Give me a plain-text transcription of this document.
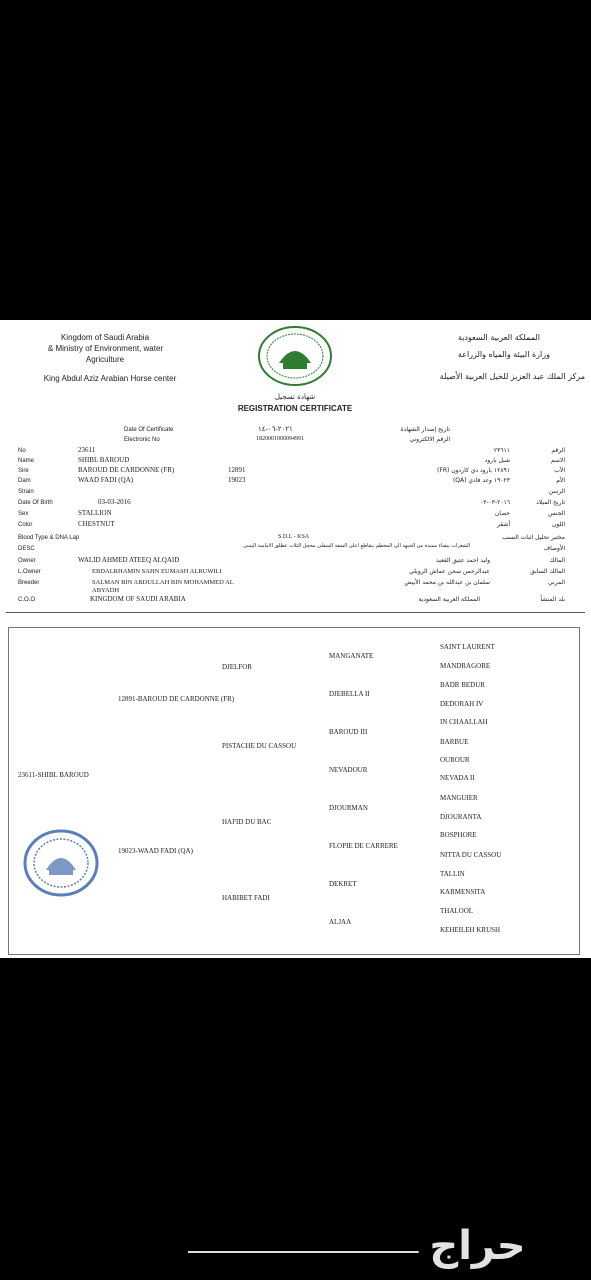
Kingdom of Saudi Arabia
& Ministry of Environment, water
Agriculture
King Abdul Aziz Arabian Horse center
المملكة العربية السعودية
وزارة البيئة والمياه والزراعة
مركز الملك عبد العزيز للخيل العربية الأصيلة
شهادة تسجيل
REGISTRATION CERTIFICATE
Date Of Certificate	٢٠٢١-٠٦-١٤	تاريخ إصدار الشهادة
Electronic No	1820001000094991	الرقم الالكتروني
No	23611	٢٣٦١١	الرقم
Name	SHIBL BAROUD	شبل بارود	الاسم
Sire	BAROUD DE CARDONNE (FR)	12891	١٢٨٩١ بارود دي كاردون (FR)	الأب
Dam	WAAD FADI (QA)	19023	١٩٠٢٣ وعد فادي (QA)	الأم
Strain	الرسن
Date Of Birth	03-03-2016	٢٠١٦-٠٣-٠٣	تاريخ الميلاد
Sex	STALLION	حصان	الجنس
Color	CHESTNUT	أشقر	اللون
Blood Type & DNA Lap	S.D.L - KSA	مختبر تحليل اثبات النسب
DESC	الشعرات بيضاء ممتدة من الجبهة الى المخطم يتقاطع اعلى الشفة السفلى محجل الثلاث عطلق الامامية اليمنى	الأوصاف
Owner	WALID AHMED ATEEQ ALQAID	وليد احمد عتيق القعيد	المالك
L.Owner	EBDALRHAMIN SAHN EUMASH ALRUWILI	عبدالرحمن سحن عماش الرويلي	المالك السابق
Breeder	SALMAN BIN ABDULLAH BIN MOHAMMED AL
ABYADH
سلمان بن عبدالله بن محمد الأبيض	المربي
C.O.O	KINGDOM OF SAUDI ARABIA	المملكة العربية السعودية	بلد المنشأ
23611-SHIBL BAROUD
12891-BAROUD DE CARDONNE (FR)
19023-WAAD FADI (QA)
DJELFOR
PISTACHE DU CASSOU
HAFID DU BAC
HABIBET FADI
MANGANATE
DJEBELLA II
BAROUD III
NEVADOUR
DJOURMAN
FLOPIE DE CARRERE
DEKRET
ALJAA
SAINT LAURENT
MANDRAGORE
BADR BEDUR
DEDORAH IV
IN CHAALLAH
BARBUE
OUROUR
NEVADA II
MANGUIER
DJOURANTA
BOSPHORE
NITTA DU CASSOU
TALLIN
KARMENSITA
THALOOL
KEHEILEH KRUSH
حراج
